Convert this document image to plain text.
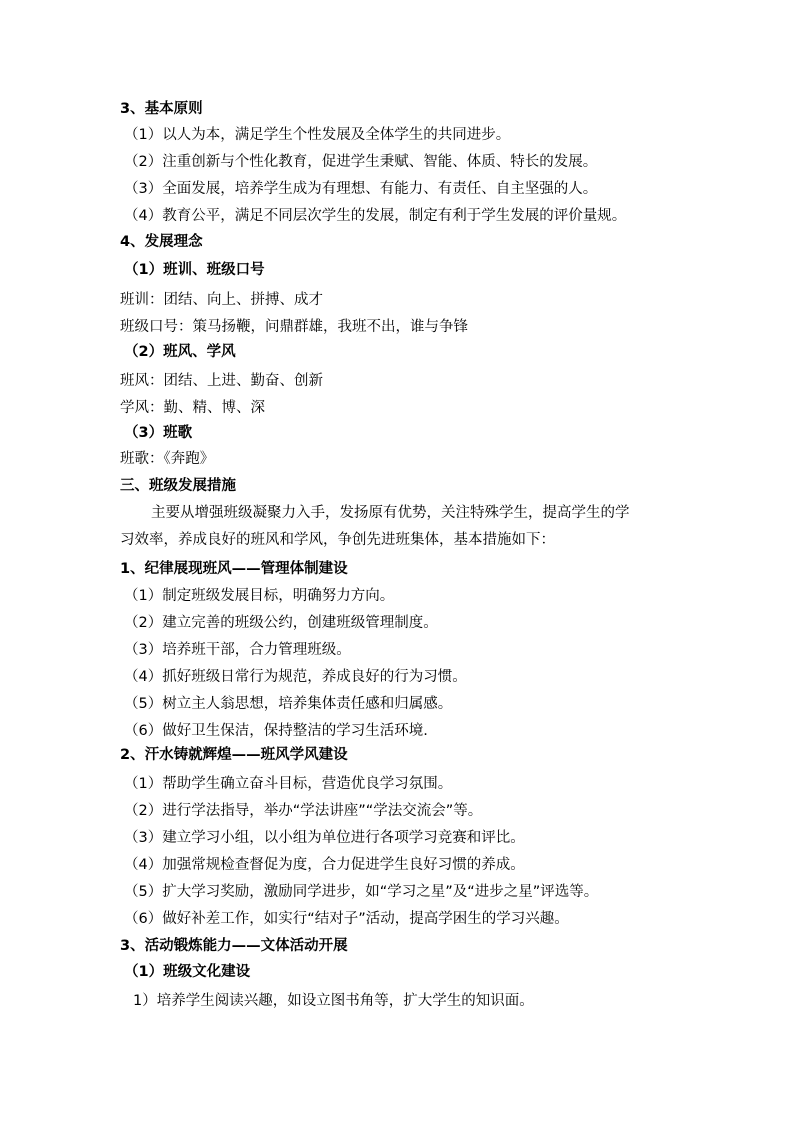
3、基本原则
（1）以人为本，满足学生个性发展及全体学生的共同进步。
（2）注重创新与个性化教育，促进学生秉赋、智能、体质、特长的发展。
（3）全面发展，培养学生成为有理想、有能力、有责任、自主坚强的人。
（4）教育公平，满足不同层次学生的发展，制定有利于学生发展的评价量规。
4、发展理念
（1）班训、班级口号
班训：团结、向上、拼搏、成才
班级口号：策马扬鞭，问鼎群雄，我班不出，谁与争锋
（2）班风、学风
班风：团结、上进、勤奋、创新
学风：勤、精、博、深
（3）班歌
班歌：《奔跑》
三、班级发展措施
主要从增强班级凝聚力入手，发扬原有优势，关注特殊学生，提高学生的学
习效率，养成良好的班风和学风，争创先进班集体，基本措施如下：
1、纪律展现班风——管理体制建设
（1）制定班级发展目标，明确努力方向。
（2）建立完善的班级公约，创建班级管理制度。
（3）培养班干部，合力管理班级。
（4）抓好班级日常行为规范，养成良好的行为习惯。
（5）树立主人翁思想，培养集体责任感和归属感。
（6）做好卫生保洁，保持整洁的学习生活环境.
2、汗水铸就辉煌——班风学风建设
（1）帮助学生确立奋斗目标，营造优良学习氛围。
（2）进行学法指导，举办“学法讲座”“学法交流会”等。
（3）建立学习小组，以小组为单位进行各项学习竞赛和评比。
（4）加强常规检查督促为度，合力促进学生良好习惯的养成。
（5）扩大学习奖励，激励同学进步，如“学习之星”及“进步之星”评选等。
（6）做好补差工作，如实行“结对子”活动，提高学困生的学习兴趣。
3、活动锻炼能力——文体活动开展
（1）班级文化建设
1）培养学生阅读兴趣，如设立图书角等，扩大学生的知识面。
